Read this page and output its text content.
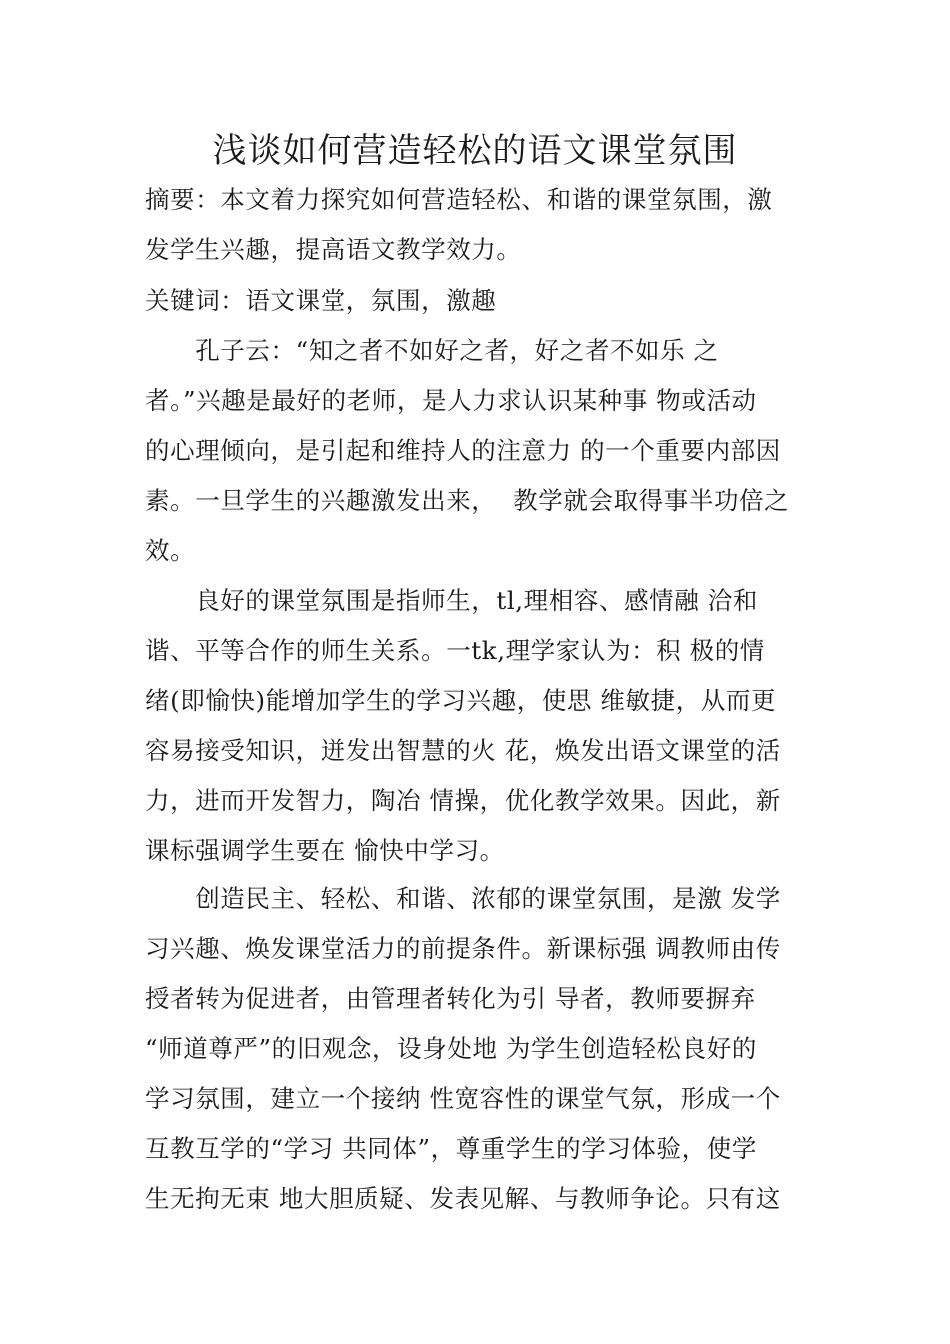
浅谈如何营造轻松的语文课堂氛围
摘要：本文着力探究如何营造轻松、和谐的课堂氛围，激
发学生兴趣，提高语文教学效力。
关键词：语文课堂，氛围，激趣
　　孔子云：“知之者不如好之者，好之者不如乐 之
者。”兴趣是最好的老师，是人力求认识某种事 物或活动
的心理倾向，是引起和维持人的注意力 的一个重要内部因
素。一旦学生的兴趣激发出来，  教学就会取得事半功倍之
效。
　　良好的课堂氛围是指师生，tl,理相容、感情融 洽和
谐、平等合作的师生关系。一tk,理学家认为：积 极的情
绪(即愉快)能增加学生的学习兴趣，使思 维敏捷，从而更
容易接受知识，迸发出智慧的火 花，焕发出语文课堂的活
力，进而开发智力，陶冶 情操，优化教学效果。因此，新
课标强调学生要在 愉快中学习。
　　创造民主、轻松、和谐、浓郁的课堂氛围，是激 发学
习兴趣、焕发课堂活力的前提条件。新课标强 调教师由传
授者转为促进者，由管理者转化为引 导者，教师要摒弃
“师道尊严”的旧观念，设身处地 为学生创造轻松良好的
学习氛围，建立一个接纳 性宽容性的课堂气氛，形成一个
互教互学的“学习 共同体”，尊重学生的学习体验，使学
生无拘无束 地大胆质疑、发表见解、与教师争论。只有这
